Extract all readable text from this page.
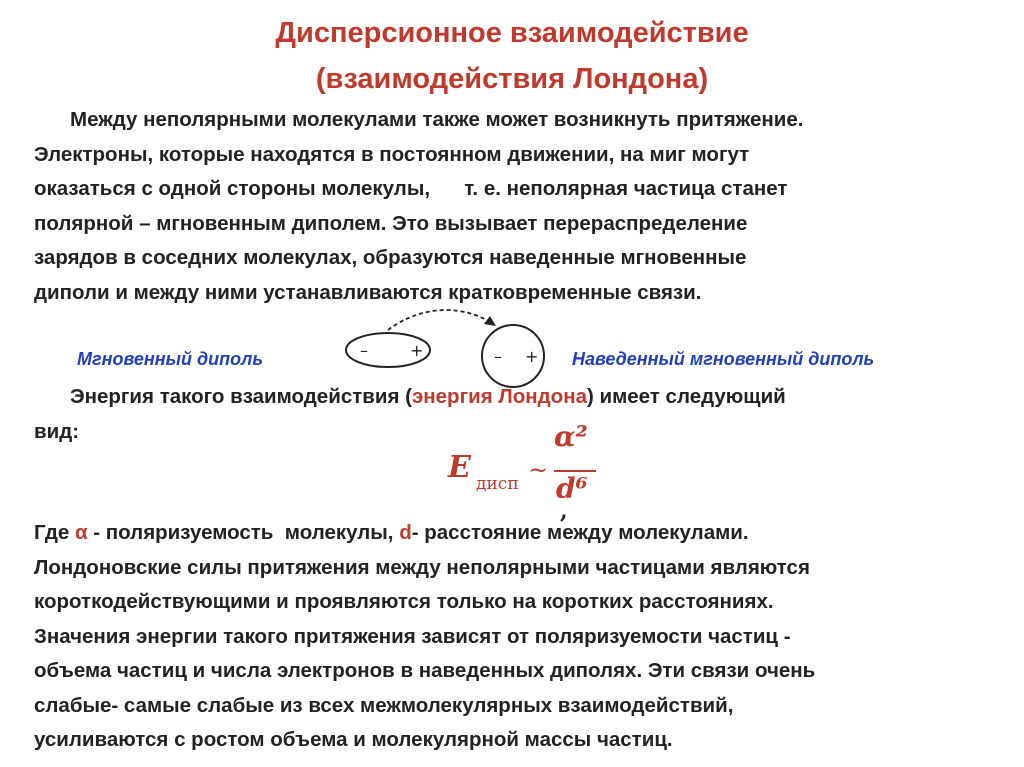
Дисперсионное взаимодействие
(взаимодействия Лондона)

Между неполярными молекулами также может возникнуть притяжение.
Электроны, которые находятся в постоянном движении, на миг могут
оказаться с одной стороны молекулы,      т. е. неполярная частица станет
полярной – мгновенным диполем. Это вызывает перераспределение
зарядов в соседних молекулах, образуются наведенные мгновенные
диполи и между ними устанавливаются кратковременные связи.

Мгновенный диполь	–	+	– + Наведенный мгновенный диполь

Энергия такого взаимодействия (энергия Лондона) имеет следующий
вид:

E дисп ~
α²
d⁶
,

Где α - поляризуемость  молекулы, d- расстояние между молекулами.
Лондоновские силы притяжения между неполярными частицами являются
короткодействующими и проявляются только на коротких расстояниях.
Значения энергии такого притяжения зависят от поляризуемости частиц -
объема частиц и числа электронов в наведенных диполях. Эти связи очень
слабые- самые слабые из всех межмолекулярных взаимодействий,
усиливаются с ростом объема и молекулярной массы частиц.
